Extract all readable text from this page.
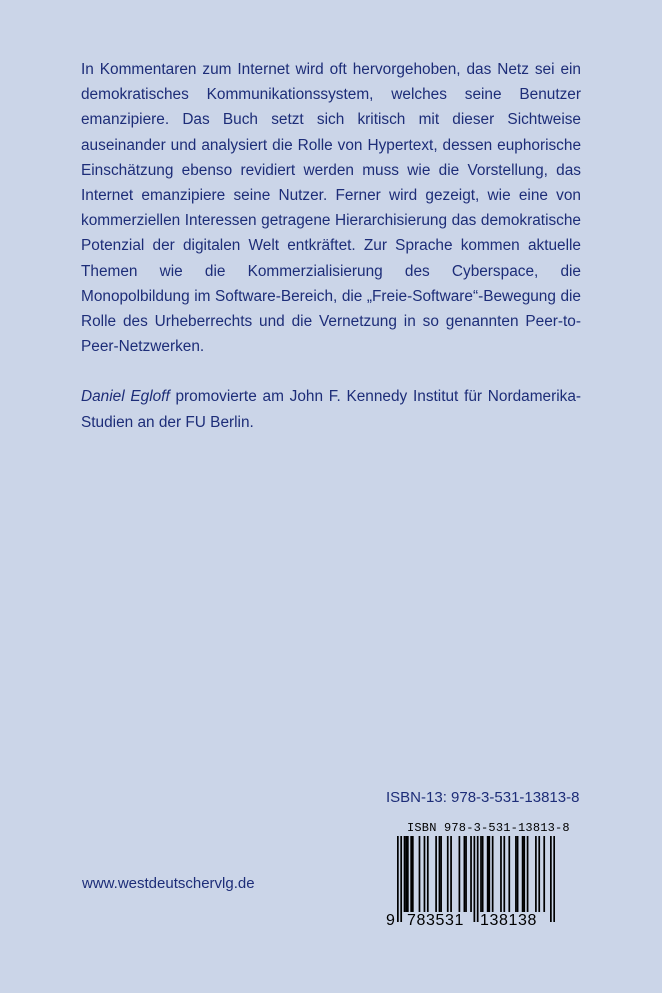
In Kommentaren zum Internet wird oft hervorgehoben, das Netz sei ein demokratisches Kommunikationssystem, welches seine Benutzer emanzipiere. Das Buch setzt sich kritisch mit dieser Sichtweise auseinander und analysiert die Rolle von Hypertext, dessen euphorische Einschätzung ebenso revidiert werden muss wie die Vorstellung, das Internet emanzipiere seine Nutzer. Ferner wird gezeigt, wie eine von kommerziellen Interessen getragene Hierarchisierung das demokratische Potenzial der digitalen Welt entkräftet. Zur Sprache kommen aktuelle Themen wie die Kommerzialisierung des Cyberspace, die Monopolbildung im Software-Bereich, die „Freie-Software“-Bewegung die Rolle des Urheberrechts und die Vernetzung in so genannten Peer-to-Peer-Netzwerken.

Daniel Egloff promovierte am John F. Kennedy Institut für Nordamerika-Studien an der FU Berlin.

ISBN-13: 978-3-531-13813-8
ISBN 978-3-531-13813-8
9 783531 138138
www.westdeutschervlg.de
